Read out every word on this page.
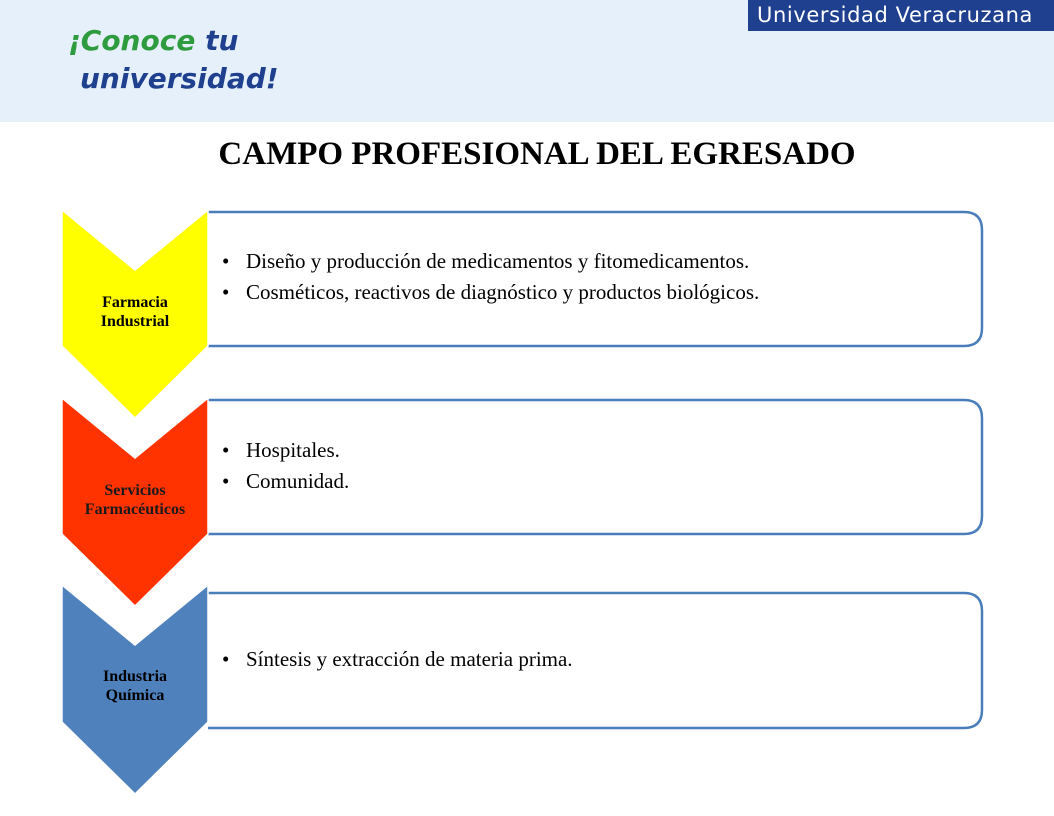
Universidad Veracruzana
¡Conoce tu
universidad!
CAMPO PROFESIONAL DEL EGRESADO
Farmacia
Industrial
• Diseño y producción de medicamentos y fitomedicamentos.
• Cosméticos, reactivos de diagnóstico y productos biológicos.
Servicios
Farmacéuticos
• Hospitales.
• Comunidad.
Industria
Química
• Síntesis y extracción de materia prima.
